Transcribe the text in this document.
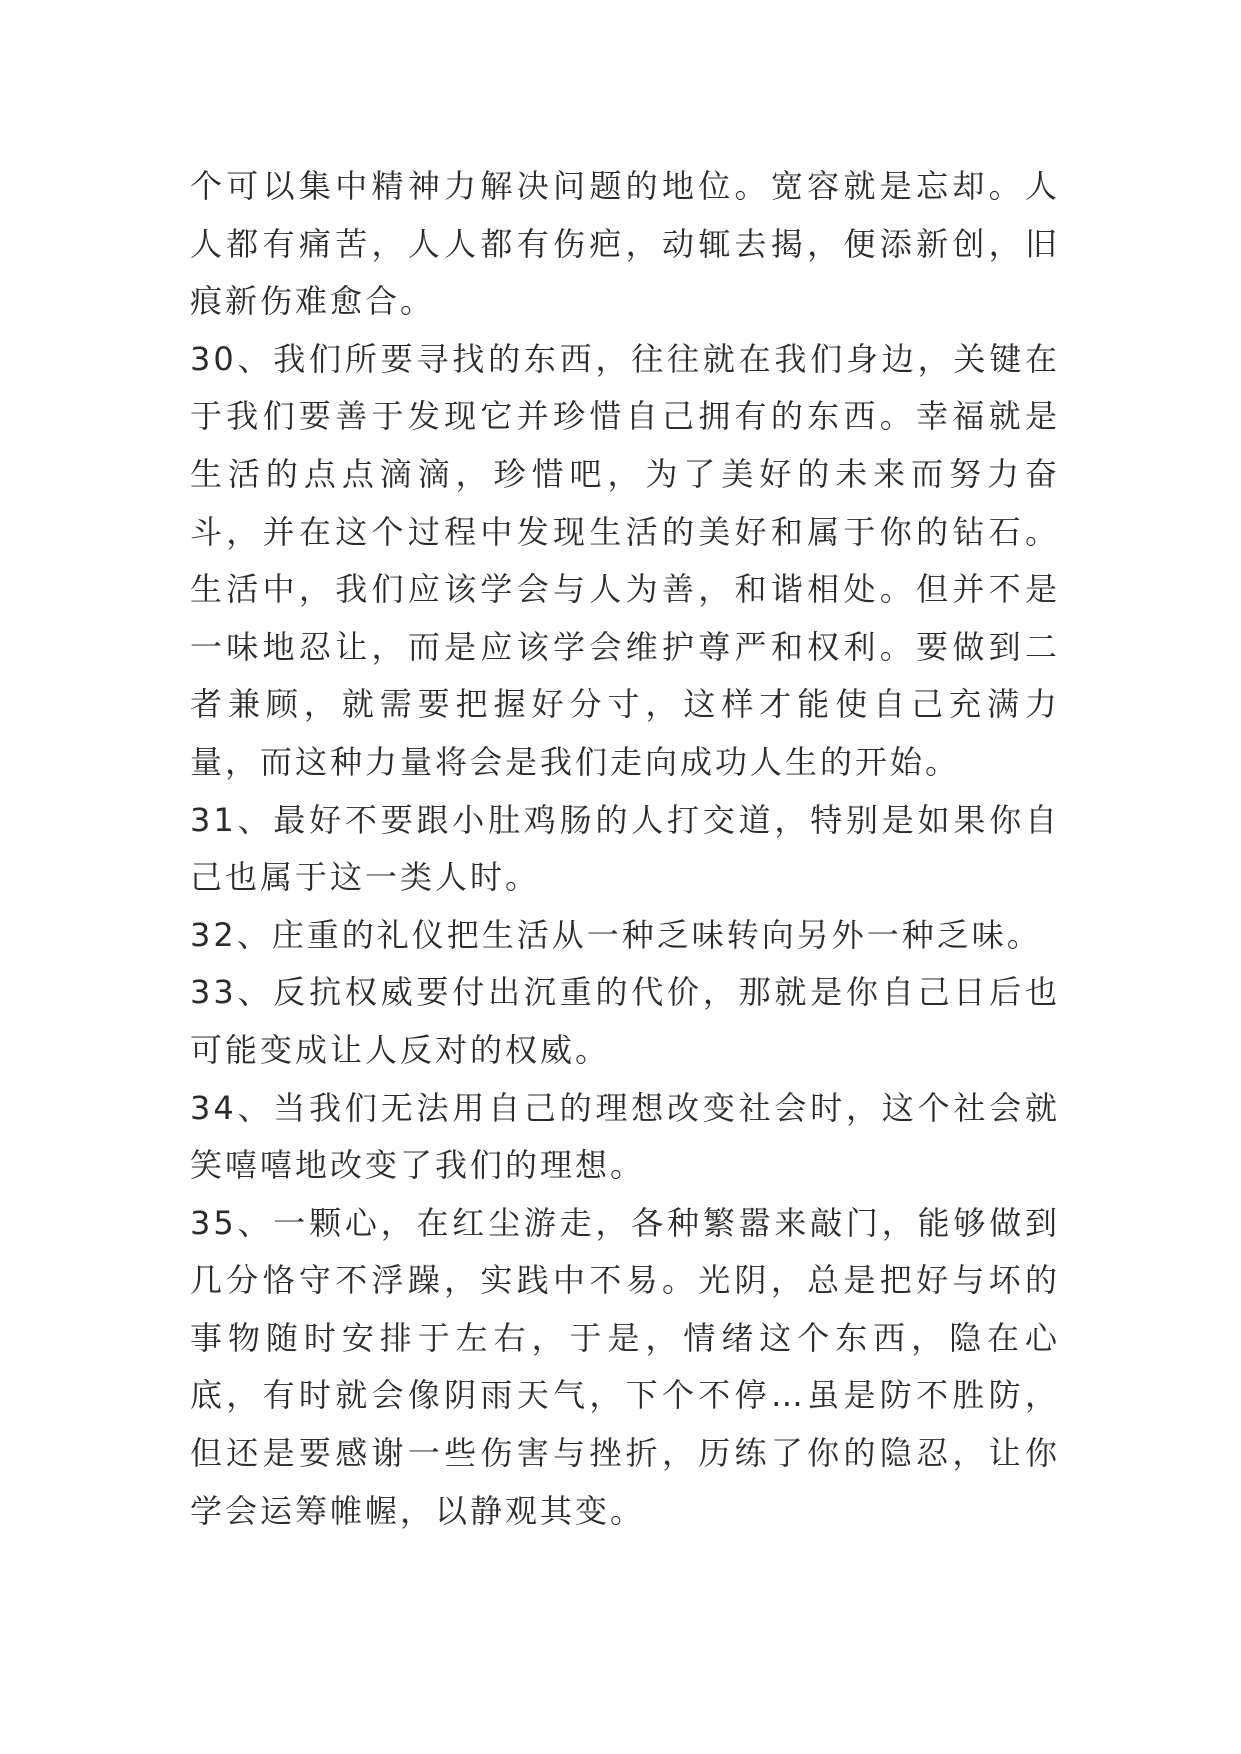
个可以集中精神力解决问题的地位。宽容就是忘却。人人都有痛苦，人人都有伤疤，动辄去揭，便添新创，旧痕新伤难愈合。

30、我们所要寻找的东西，往往就在我们身边，关键在于我们要善于发现它并珍惜自己拥有的东西。幸福就是生活的点点滴滴，珍惜吧，为了美好的未来而努力奋斗，并在这个过程中发现生活的美好和属于你的钻石。生活中，我们应该学会与人为善，和谐相处。但并不是一味地忍让，而是应该学会维护尊严和权利。要做到二者兼顾，就需要把握好分寸，这样才能使自己充满力量，而这种力量将会是我们走向成功人生的开始。

31、最好不要跟小肚鸡肠的人打交道，特别是如果你自己也属于这一类人时。

32、庄重的礼仪把生活从一种乏味转向另外一种乏味。

33、反抗权威要付出沉重的代价，那就是你自己日后也可能变成让人反对的权威。

34、当我们无法用自己的理想改变社会时，这个社会就笑嘻嘻地改变了我们的理想。

35、一颗心，在红尘游走，各种繁嚣来敲门，能够做到几分恪守不浮躁，实践中不易。光阴，总是把好与坏的事物随时安排于左右，于是，情绪这个东西，隐在心底，有时就会像阴雨天气，下个不停…虽是防不胜防，但还是要感谢一些伤害与挫折，历练了你的隐忍，让你学会运筹帷幄，以静观其变。
